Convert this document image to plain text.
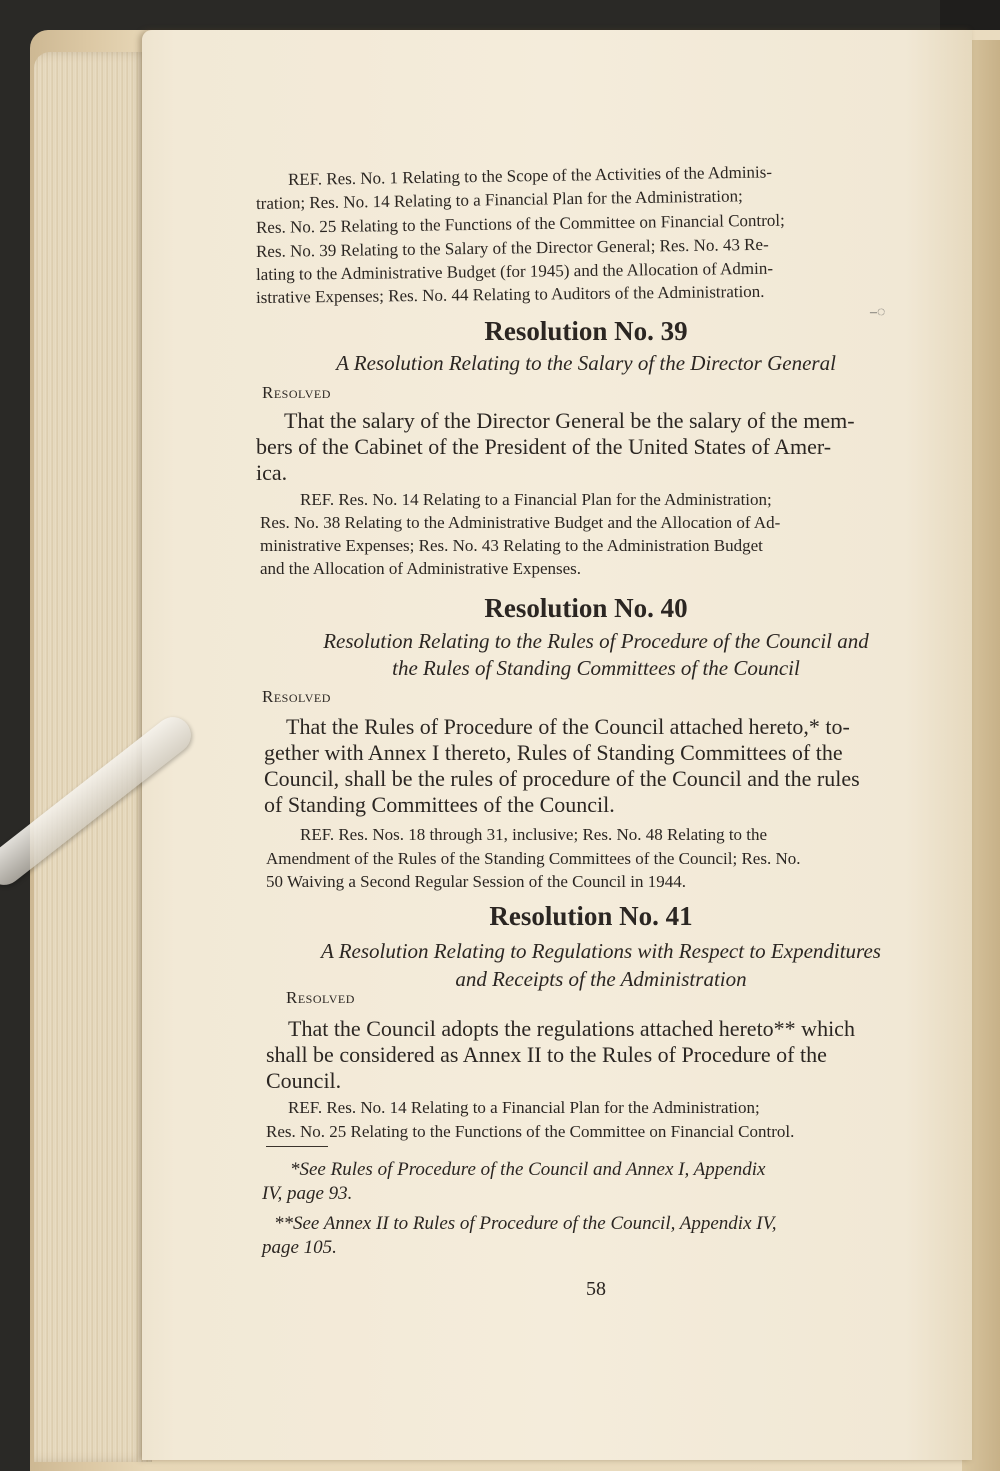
REF. Res. No. 1 Relating to the Scope of the Activities of the Adminis-

tration; Res. No. 14 Relating to a Financial Plan for the Administration;

Res. No. 25 Relating to the Functions of the Committee on Financial Control;

Res. No. 39 Relating to the Salary of the Director General; Res. No. 43 Re-

lating to the Administrative Budget (for 1945) and the Allocation of Admin-

istrative Expenses; Res. No. 44 Relating to Auditors of the Administration.

–◌

Resolution No. 39

A Resolution Relating to the Salary of the Director General

Resolved

That the salary of the Director General be the salary of the mem-

bers of the Cabinet of the President of the United States of Amer-

ica.

REF. Res. No. 14 Relating to a Financial Plan for the Administration;

Res. No. 38 Relating to the Administrative Budget and the Allocation of Ad-

ministrative Expenses; Res. No. 43 Relating to the Administration Budget

and the Allocation of Administrative Expenses.

Resolution No. 40

Resolution Relating to the Rules of Procedure of the Council and

the Rules of Standing Committees of the Council

Resolved

That the Rules of Procedure of the Council attached hereto,* to-

gether with Annex I thereto, Rules of Standing Committees of the

Council, shall be the rules of procedure of the Council and the rules

of Standing Committees of the Council.

REF. Res. Nos. 18 through 31, inclusive; Res. No. 48 Relating to the

Amendment of the Rules of the Standing Committees of the Council; Res. No.

50 Waiving a Second Regular Session of the Council in 1944.

Resolution No. 41

A Resolution Relating to Regulations with Respect to Expenditures

and Receipts of the Administration

Resolved

That the Council adopts the regulations attached hereto** which

shall be considered as Annex II to the Rules of Procedure of the

Council.

REF. Res. No. 14 Relating to a Financial Plan for the Administration;

Res. No. 25 Relating to the Functions of the Committee on Financial Control.

*See Rules of Procedure of the Council and Annex I, Appendix

IV, page 93.

**See Annex II to Rules of Procedure of the Council, Appendix IV,

page 105.

58
